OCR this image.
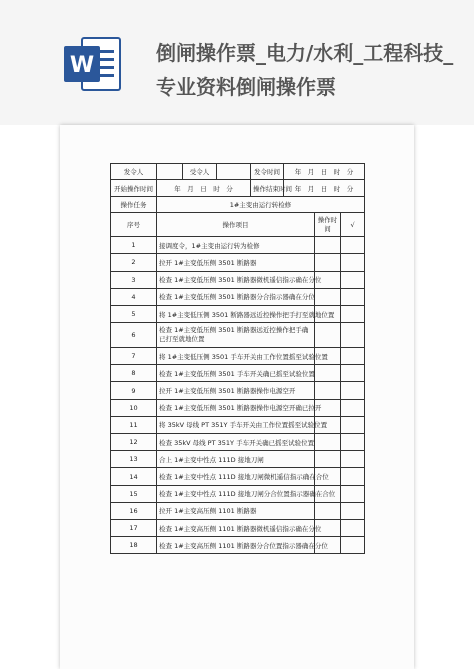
W	倒闸操作票_电力/水利_工程科技_专业资料倒闸操作票
发令人		受令人		发令时间	年　月　日　时　分		
开始操作时间	年　月　日　时　分			操作结束时间	年　月　日　时　分		
操作任务	1#主变由运行转检修						
序号	操作项目					操作时间	√
1	接调度令，1#主变由运行转为检修						
2	拉开 1#主变低压侧 3501 断路器						
3	检查 1#主变低压侧 3501 断路器微机遥信指示确在分位						
4	检查 1#主变低压侧 3501 断路器分合指示器确在分位						
5	将 1#主变低压侧 3501 断路器远近控操作把手打至就地位置						
6	检查 1#主变低压侧 3501 断路器远近控操作把手确已打至就地位置						
7	将 1#主变低压侧 3501 手车开关由工作位置摇至试验位置						
8	检查 1#主变低压侧 3501 手车开关确已摇至试验位置						
9	拉开 1#主变低压侧 3501 断路器操作电源空开						
10	检查 1#主变低压侧 3501 断路器操作电源空开确已拉开						
11	将 35kV 母线 PT 351Y 手车开关由工作位置摇至试验位置						
12	检查 35kV 母线 PT 351Y 手车开关确已摇至试验位置						
13	合上 1#主变中性点 111D 接地刀闸						
14	检查 1#主变中性点 111D 接地刀闸微机遥信指示确在合位						
15	检查 1#主变中性点 111D 接地刀闸分合位置指示器确在合位						
16	拉开 1#主变高压侧 1101 断路器						
17	检查 1#主变高压侧 1101 断路器微机遥信指示确在分位						
18	检查 1#主变高压侧 1101 断路器分合位置指示器确在分位						
